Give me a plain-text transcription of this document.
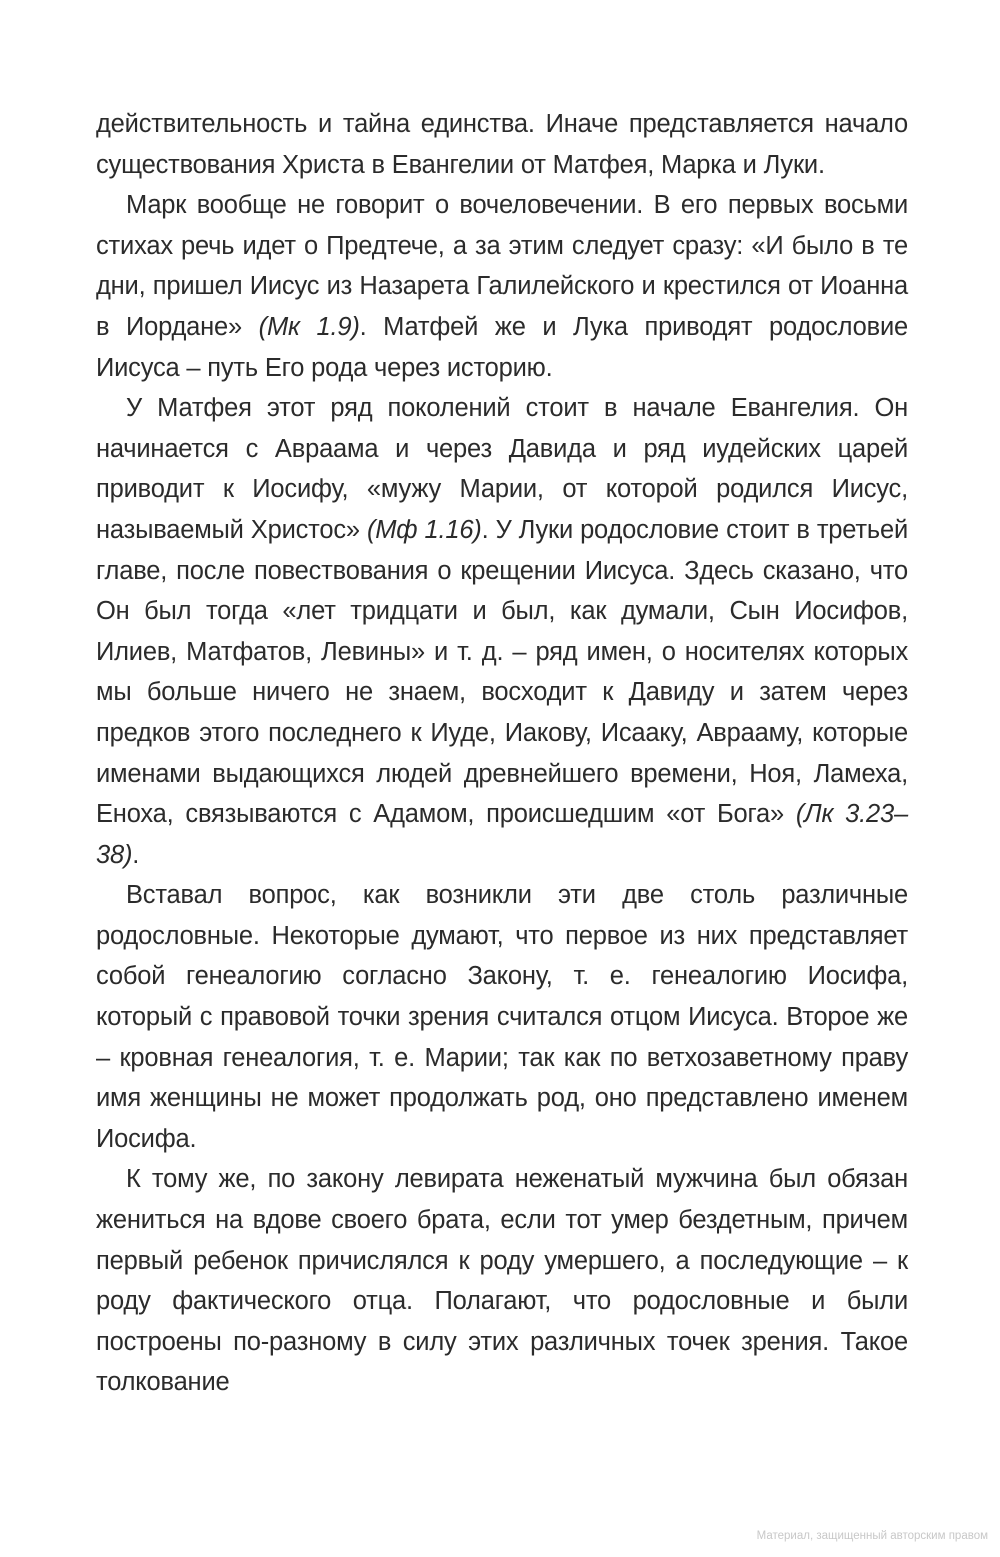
действительность и тайна единства. Иначе представляется начало существования Христа в Евангелии от Матфея, Марка и Луки.

Марк вообще не говорит о вочеловечении. В его первых восьми стихах речь идет о Предтече, а за этим следует сразу: «И было в те дни, пришел Иисус из Назарета Галилейского и крестился от Иоанна в Иордане» (Мк 1.9). Матфей же и Лука приводят родословие Иисуса – путь Его рода через историю.

У Матфея этот ряд поколений стоит в начале Евангелия. Он начинается с Авраама и через Давида и ряд иудейских царей приводит к Иосифу, «мужу Марии, от которой родился Иисус, называемый Христос» (Мф 1.16). У Луки родословие стоит в третьей главе, после повествования о крещении Иисуса. Здесь сказано, что Он был тогда «лет тридцати и был, как думали, Сын Иосифов, Илиев, Матфатов, Левины» и т. д. – ряд имен, о носителях которых мы больше ничего не знаем, восходит к Давиду и затем через предков этого последнего к Иуде, Иакову, Исааку, Аврааму, которые именами выдающихся людей древнейшего времени, Ноя, Ламеха, Еноха, связываются с Адамом, происшедшим «от Бога» (Лк 3.23–38).

Вставал вопрос, как возникли эти две столь различные родословные. Некоторые думают, что первое из них представляет собой генеалогию согласно Закону, т. е. генеалогию Иосифа, который с правовой точки зрения считался отцом Иисуса. Второе же – кровная генеалогия, т. е. Марии; так как по ветхозаветному праву имя женщины не может продолжать род, оно представлено именем Иосифа.

К тому же, по закону левирата неженатый мужчина был обязан жениться на вдове своего брата, если тот умер бездетным, причем первый ребенок причислялся к роду умершего, а последующие – к роду фактического отца. Полагают, что родословные и были построены по-разному в силу этих различных точек зрения. Такое толкование

Материал, защищенный авторским правом
